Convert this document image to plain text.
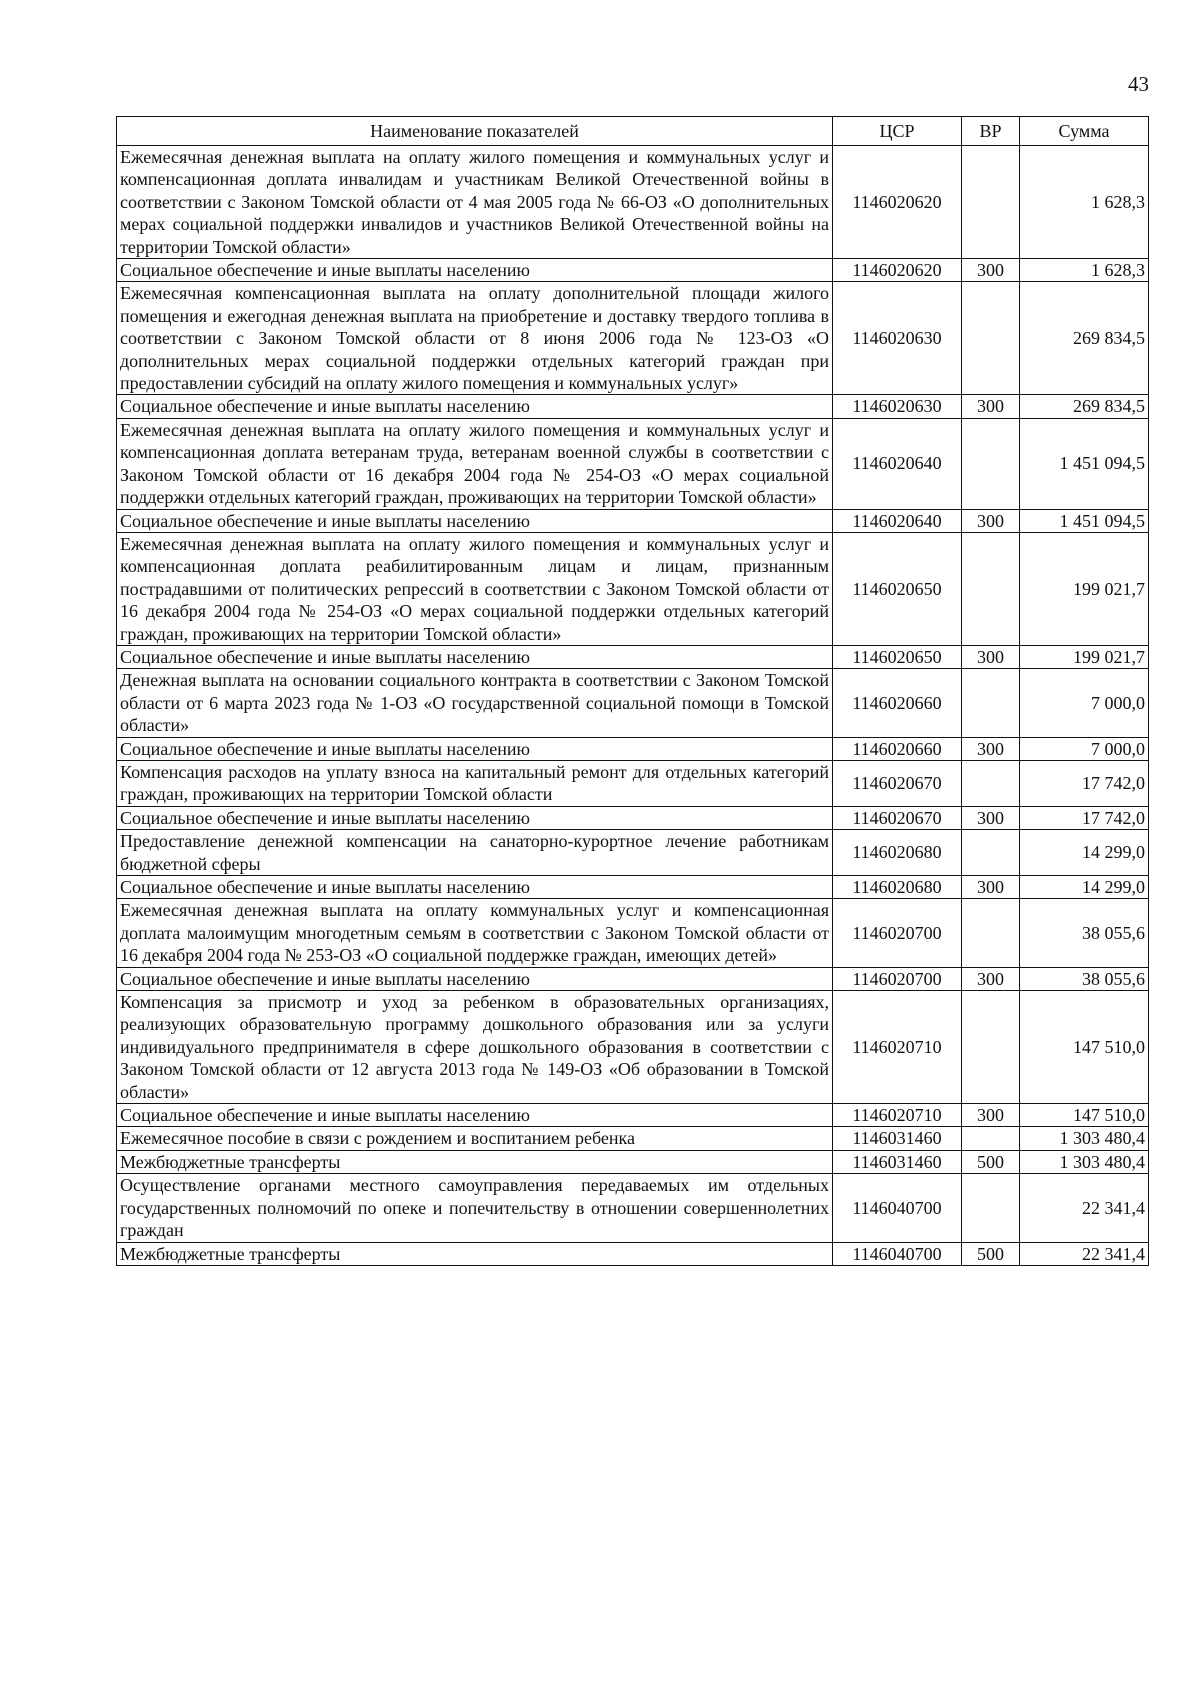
43
Наименование показателей	ЦСР	ВР	Сумма
Ежемесячная денежная выплата на оплату жилого помещения и коммунальных услуг и компенсационная доплата инвалидам и участникам Великой Отечественной войны в соответствии с Законом Томской области от 4 мая 2005 года № 66-ОЗ «О дополнительных мерах социальной поддержки инвалидов и участников Великой Отечественной войны на территории Томской области»	1146020620		1 628,3
Социальное обеспечение и иные выплаты населению	1146020620	300	1 628,3
Ежемесячная компенсационная выплата на оплату дополнительной площади жилого помещения и ежегодная денежная выплата на приобретение и доставку твердого топлива в соответствии с Законом Томской области от 8 июня 2006 года № 123-ОЗ «О дополнительных мерах социальной поддержки отдельных категорий граждан при предоставлении субсидий на оплату жилого помещения и коммунальных услуг»	1146020630		269 834,5
Социальное обеспечение и иные выплаты населению	1146020630	300	269 834,5
Ежемесячная денежная выплата на оплату жилого помещения и коммунальных услуг и компенсационная доплата ветеранам труда, ветеранам военной службы в соответствии с Законом Томской области от 16 декабря 2004 года № 254-ОЗ «О мерах социальной поддержки отдельных категорий граждан, проживающих на территории Томской области»	1146020640		1 451 094,5
Социальное обеспечение и иные выплаты населению	1146020640	300	1 451 094,5
Ежемесячная денежная выплата на оплату жилого помещения и коммунальных услуг и компенсационная доплата реабилитированным лицам и лицам, признанным пострадавшими от политических репрессий в соответствии с Законом Томской области от 16 декабря 2004 года № 254-ОЗ «О мерах социальной поддержки отдельных категорий граждан, проживающих на территории Томской области»	1146020650		199 021,7
Социальное обеспечение и иные выплаты населению	1146020650	300	199 021,7
Денежная выплата на основании социального контракта в соответствии с Законом Томской области от 6 марта 2023 года № 1-ОЗ «О государственной социальной помощи в Томской области»	1146020660		7 000,0
Социальное обеспечение и иные выплаты населению	1146020660	300	7 000,0
Компенсация расходов на уплату взноса на капитальный ремонт для отдельных категорий граждан, проживающих на территории Томской области	1146020670		17 742,0
Социальное обеспечение и иные выплаты населению	1146020670	300	17 742,0
Предоставление денежной компенсации на санаторно-курортное лечение работникам бюджетной сферы	1146020680		14 299,0
Социальное обеспечение и иные выплаты населению	1146020680	300	14 299,0
Ежемесячная денежная выплата на оплату коммунальных услуг и компенсационная доплата малоимущим многодетным семьям в соответствии с Законом Томской области от 16 декабря 2004 года № 253-ОЗ «О социальной поддержке граждан, имеющих детей»	1146020700		38 055,6
Социальное обеспечение и иные выплаты населению	1146020700	300	38 055,6
Компенсация за присмотр и уход за ребенком в образовательных организациях, реализующих образовательную программу дошкольного образования или за услуги индивидуального предпринимателя в сфере дошкольного образования в соответствии с Законом Томской области от 12 августа 2013 года № 149-ОЗ «Об образовании в Томской области»	1146020710		147 510,0
Социальное обеспечение и иные выплаты населению	1146020710	300	147 510,0
Ежемесячное пособие в связи с рождением и воспитанием ребенка	1146031460		1 303 480,4
Межбюджетные трансферты	1146031460	500	1 303 480,4
Осуществление органами местного самоуправления передаваемых им отдельных государственных полномочий по опеке и попечительству в отношении совершеннолетних граждан	1146040700		22 341,4
Межбюджетные трансферты	1146040700	500	22 341,4
